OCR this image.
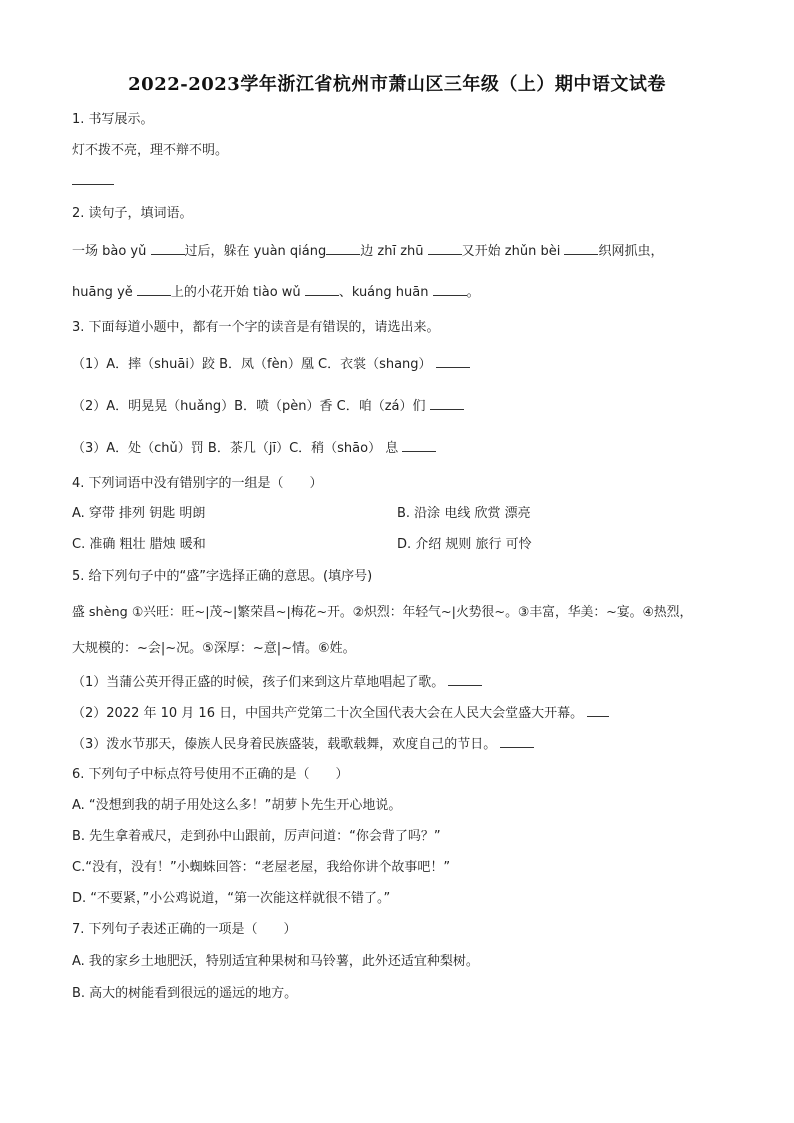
2022-2023学年浙江省杭州市萧山区三年级（上）期中语文试卷
1. 书写展示。
灯不拨不亮，理不辩不明。
2. 读句子，填词语。
一场 bào yǔ	过后，躲在 yuàn qiáng	边 zhī zhū	又开始 zhǔn bèi	织网抓虫，
huāng yě	上的小花开始 tiào wǔ	、kuáng huān	。
3. 下面每道小题中，都有一个字的读音是有错误的，请选出来。
（1）A．摔（shuāi）跤 B．凤（fèn）凰 C．衣裳（shang）
（2）A．明晃晃（huǎng）B．喷（pèn）香 C．咱（zá）们
（3）A．处（chǔ）罚 B．茶几（jī）C．稍（shāo） 息
4. 下列词语中没有错别字的一组是（　　）
A. 穿带 排列 钥匙 明朗	B. 沿涂 电线 欣赏 漂亮
C. 准确 粗壮 腊烛 暖和	D. 介绍 规则 旅行 可怜
5. 给下列句子中的“盛”字选择正确的意思。(填序号)
盛 shèng ①兴旺：旺~|茂~|繁荣昌~|梅花~开。②炽烈：年轻气~|火势很~。③丰富，华美：~宴。④热烈，
大规模的：~会|~况。⑤深厚：~意|~情。⑥姓。
（1）当蒲公英开得正盛的时候，孩子们来到这片草地唱起了歌。
（2）2022 年 10 月 16 日，中国共产党第二十次全国代表大会在人民大会堂盛大开幕。
（3）泼水节那天，傣族人民身着民族盛装，载歌载舞，欢度自己的节日。
6. 下列句子中标点符号使用不正确的是（　　）
A. “没想到我的胡子用处这么多！”胡萝卜先生开心地说。
B. 先生拿着戒尺，走到孙中山跟前，厉声问道：“你会背了吗？”
C.“没有，没有！”小蜘蛛回答：“老屋老屋，我给你讲个故事吧！”
D. “不要紧，”小公鸡说道，“第一次能这样就很不错了。”
7. 下列句子表述正确的一项是（　　）
A. 我的家乡土地肥沃，特别适宜种果树和马铃薯，此外还适宜种梨树。
B. 高大的树能看到很远的遥远的地方。
